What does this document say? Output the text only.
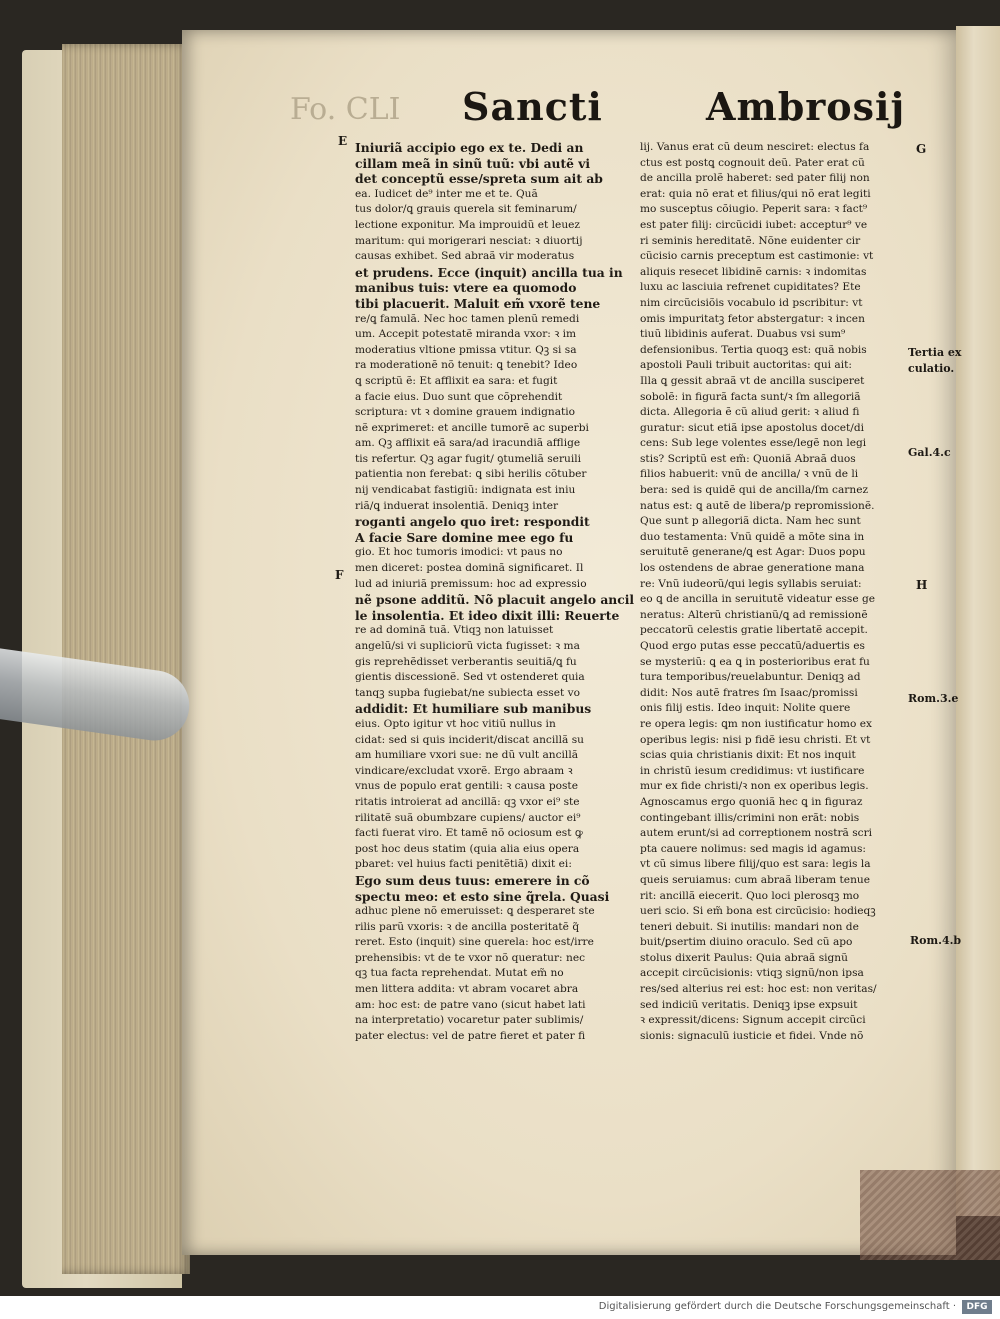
Fo. CLI Sancti	Ambrosij
E
F
G
H
Tertia ex
culatio.
Gal.4.c
Rom.3.e
Rom.4.b
Iniuriã accipio ego ex te. Dedi an
cillam meã in sinũ tuũ: vbi autẽ vi
det conceptũ esse/spreta sum ait ab
ea. Iudicet de⁹ inter me et te. Quã
tus dolor/ꝗ grauis querela sit feminarum/
lectione exponitur. Ma improuidũ et leuez
maritum: qui morigerari nesciat: ꝛ diuortij
causas exhibet. Sed abraã vir moderatus
et prudens. Ecce (inquit) ancilla tua in
manibus tuis: vtere ea quomodo
tibi placuerit. Maluit em̃ vxorẽ tene
re/ꝗ famulã. Nec hoc tamen plenũ remedi
um. Accepit potestatẽ miranda vxor: ꝛ im
moderatius vltione pmissa vtitur. Qꝫ si sa
ra moderationẽ nõ tenuit: ꝗ tenebit? Ideo
ꝗ scriptũ ẽ: Et afflixit ea sara: et fugit
a facie eius. Duo sunt que cõprehendit
scriptura: vt ꝛ domine grauem indignatio
nẽ exprimeret: et ancille tumorẽ ac superbi
am. Qꝫ afflixit eã sara/ad iracundiã afflige
tis refertur. Qꝫ agar fugit/ ꝯtumeliã seruili
patientia non ferebat: ꝗ sibi herilis cõtuber
nij vendicabat fastigiũ: indignata est iniu
riã/ꝗ induerat insolentiã. Deniqꝫ inter
roganti angelo quo iret: respondit
A facie Sare domine mee ego fu
gio. Et hoc tumoris imodici: vt paus no
men diceret: postea dominã significaret. Il
lud ad iniuriã premissum: hoc ad expressio
nẽ psone additũ. Nõ placuit angelo ancil
le insolentia. Et ideo dixit illi: Reuerte
re ad dominã tuã. Vtiqꝫ non latuisset
angelũ/si vi supliciorũ victa fugisset: ꝛ ma
gis reprehẽdisset verberantis seuitiã/ꝗ fu
gientis discessionẽ. Sed vt ostenderet quia
tanqꝫ supba fugiebat/ne subiecta esset vo
addidit: Et humiliare sub manibus
eius. Opto igitur vt hoc vitiũ nullus in
cidat: sed si quis inciderit/discat ancillã su
am humiliare vxori sue: ne dũ vult ancillã
vindicare/excludat vxorẽ. Ergo abraam ꝛ
vnus de populo erat gentili: ꝛ causa poste
ritatis introierat ad ancillã: qꝫ vxor ei⁹ ste
rilitatẽ suã obumbzare cupiens/ auctor ei⁹
facti fuerat viro. Et tamẽ nõ ociosum est ꝙ
post hoc deus statim (quia alia eius opera
pbaret: vel huius facti penitẽtiã) dixit ei:
Ego sum deus tuus: emerere in cõ
spectu meo: et esto sine q̃rela. Quasi
adhuc plene nõ emeruisset: ꝗ desperaret ste
rilis parũ vxoris: ꝛ de ancilla posteritatẽ q̃
reret. Esto (inquit) sine querela: hoc est/irre
prehensibis: vt de te vxor nõ queratur: nec
qꝫ tua facta reprehendat. Mutat em̃ no
men littera addita: vt abram vocaret abra
am: hoc est: de patre vano (sicut habet lati
na interpretatio) vocaretur pater sublimis/
pater electus: vel de patre fieret et pater fi
lij. Vanus erat cũ deum nesciret: electus fa
ctus est postꝗ cognouit deũ. Pater erat cũ
de ancilla prolẽ haberet: sed pater filij non
erat: quia nõ erat et filius/qui nõ erat legiti
mo susceptus cõiugio. Peperit sara: ꝛ fact⁹
est pater filij: circũcidi iubet: acceptur⁹ ve
ri seminis hereditatẽ. Nõne euidenter cir
cũcisio carnis preceptum est castimonie: vt
aliquis resecet libidinẽ carnis: ꝛ indomitas
luxu ac lasciuia refrenet cupiditates? Ete
nim circũcisiõis vocabulo id pscribitur: vt
omis impuritatꝫ fetor abstergatur: ꝛ incen
tiuũ libidinis auferat. Duabus vsi sum⁹
defensionibus. Tertia quoqꝫ est: quã nobis
apostoli Pauli tribuit auctoritas: qui ait:
Illa ꝗ gessit abraã vt de ancilla susciperet
sobolẽ: in figurã facta sunt/ꝛ ſm allegoriã
dicta. Allegoria ẽ cũ aliud gerit: ꝛ aliud fi
guratur: sicut etiã ipse apostolus docet/di
cens: Sub lege volentes esse/legẽ non legi
stis? Scriptũ est em̃: Quoniã Abraã duos
filios habuerit: vnũ de ancilla/ ꝛ vnũ de li
bera: sed is quidẽ qui de ancilla/ſm carnez
natus est: ꝗ autẽ de libera/p repromissionẽ.
Que sunt p allegoriã dicta. Nam hec sunt
duo testamenta: Vnũ quidẽ a mõte sina in
seruitutẽ generane/ꝗ est Agar: Duos popu
los ostendens de abrae generatione mana
re: Vnũ iudeorũ/qui legis syllabis seruiat:
eo ꝗ de ancilla in seruitutẽ videatur esse ge
neratus: Alterũ christianũ/ꝗ ad remissionẽ
peccatorũ celestis gratie libertatẽ accepit.
Quod ergo putas esse peccatũ/aduertis es
se mysteriũ: ꝗ ea ꝗ in posterioribus erat fu
tura temporibus/reuelabuntur. Deniqꝫ ad
didit: Nos autẽ fratres ſm Isaac/promissi
onis filij estis. Ideo inquit: Nolite quere
re opera legis: ꝗm non iustificatur homo ex
operibus legis: nisi p fidẽ iesu christi. Et vt
scias quia christianis dixit: Et nos inquit
in christũ iesum credidimus: vt iustificare
mur ex fide christi/ꝛ non ex operibus legis.
Agnoscamus ergo quoniã hec ꝗ in figuraz
contingebant illis/crimini non erãt: nobis
autem erunt/si ad correptionem nostrã scri
pta cauere nolimus: sed magis id agamus:
vt cũ simus libere filij/quo est sara: legis la
queis seruiamus: cum abraã liberam tenue
rit: ancillã eiecerit. Quo loci plerosqꝫ mo
ueri scio. Si em̃ bona est circũcisio: hodieqꝫ
teneri debuit. Si inutilis: mandari non de
buit/ꝑsertim diuino oraculo. Sed cũ apo
stolus dixerit Paulus: Quia abraã signũ
accepit circũcisionis: vtiqꝫ signũ/non ipsa
res/sed alterius rei est: hoc est: non veritas/
sed indiciũ veritatis. Deniqꝫ ipse expsuit
ꝛ expressit/dicens: Signum accepit circũci
sionis: signaculũ iusticie et fidei. Vnde nõ
Digitalisierung gefördert durch die Deutsche Forschungsgemeinschaft ·	DFG
